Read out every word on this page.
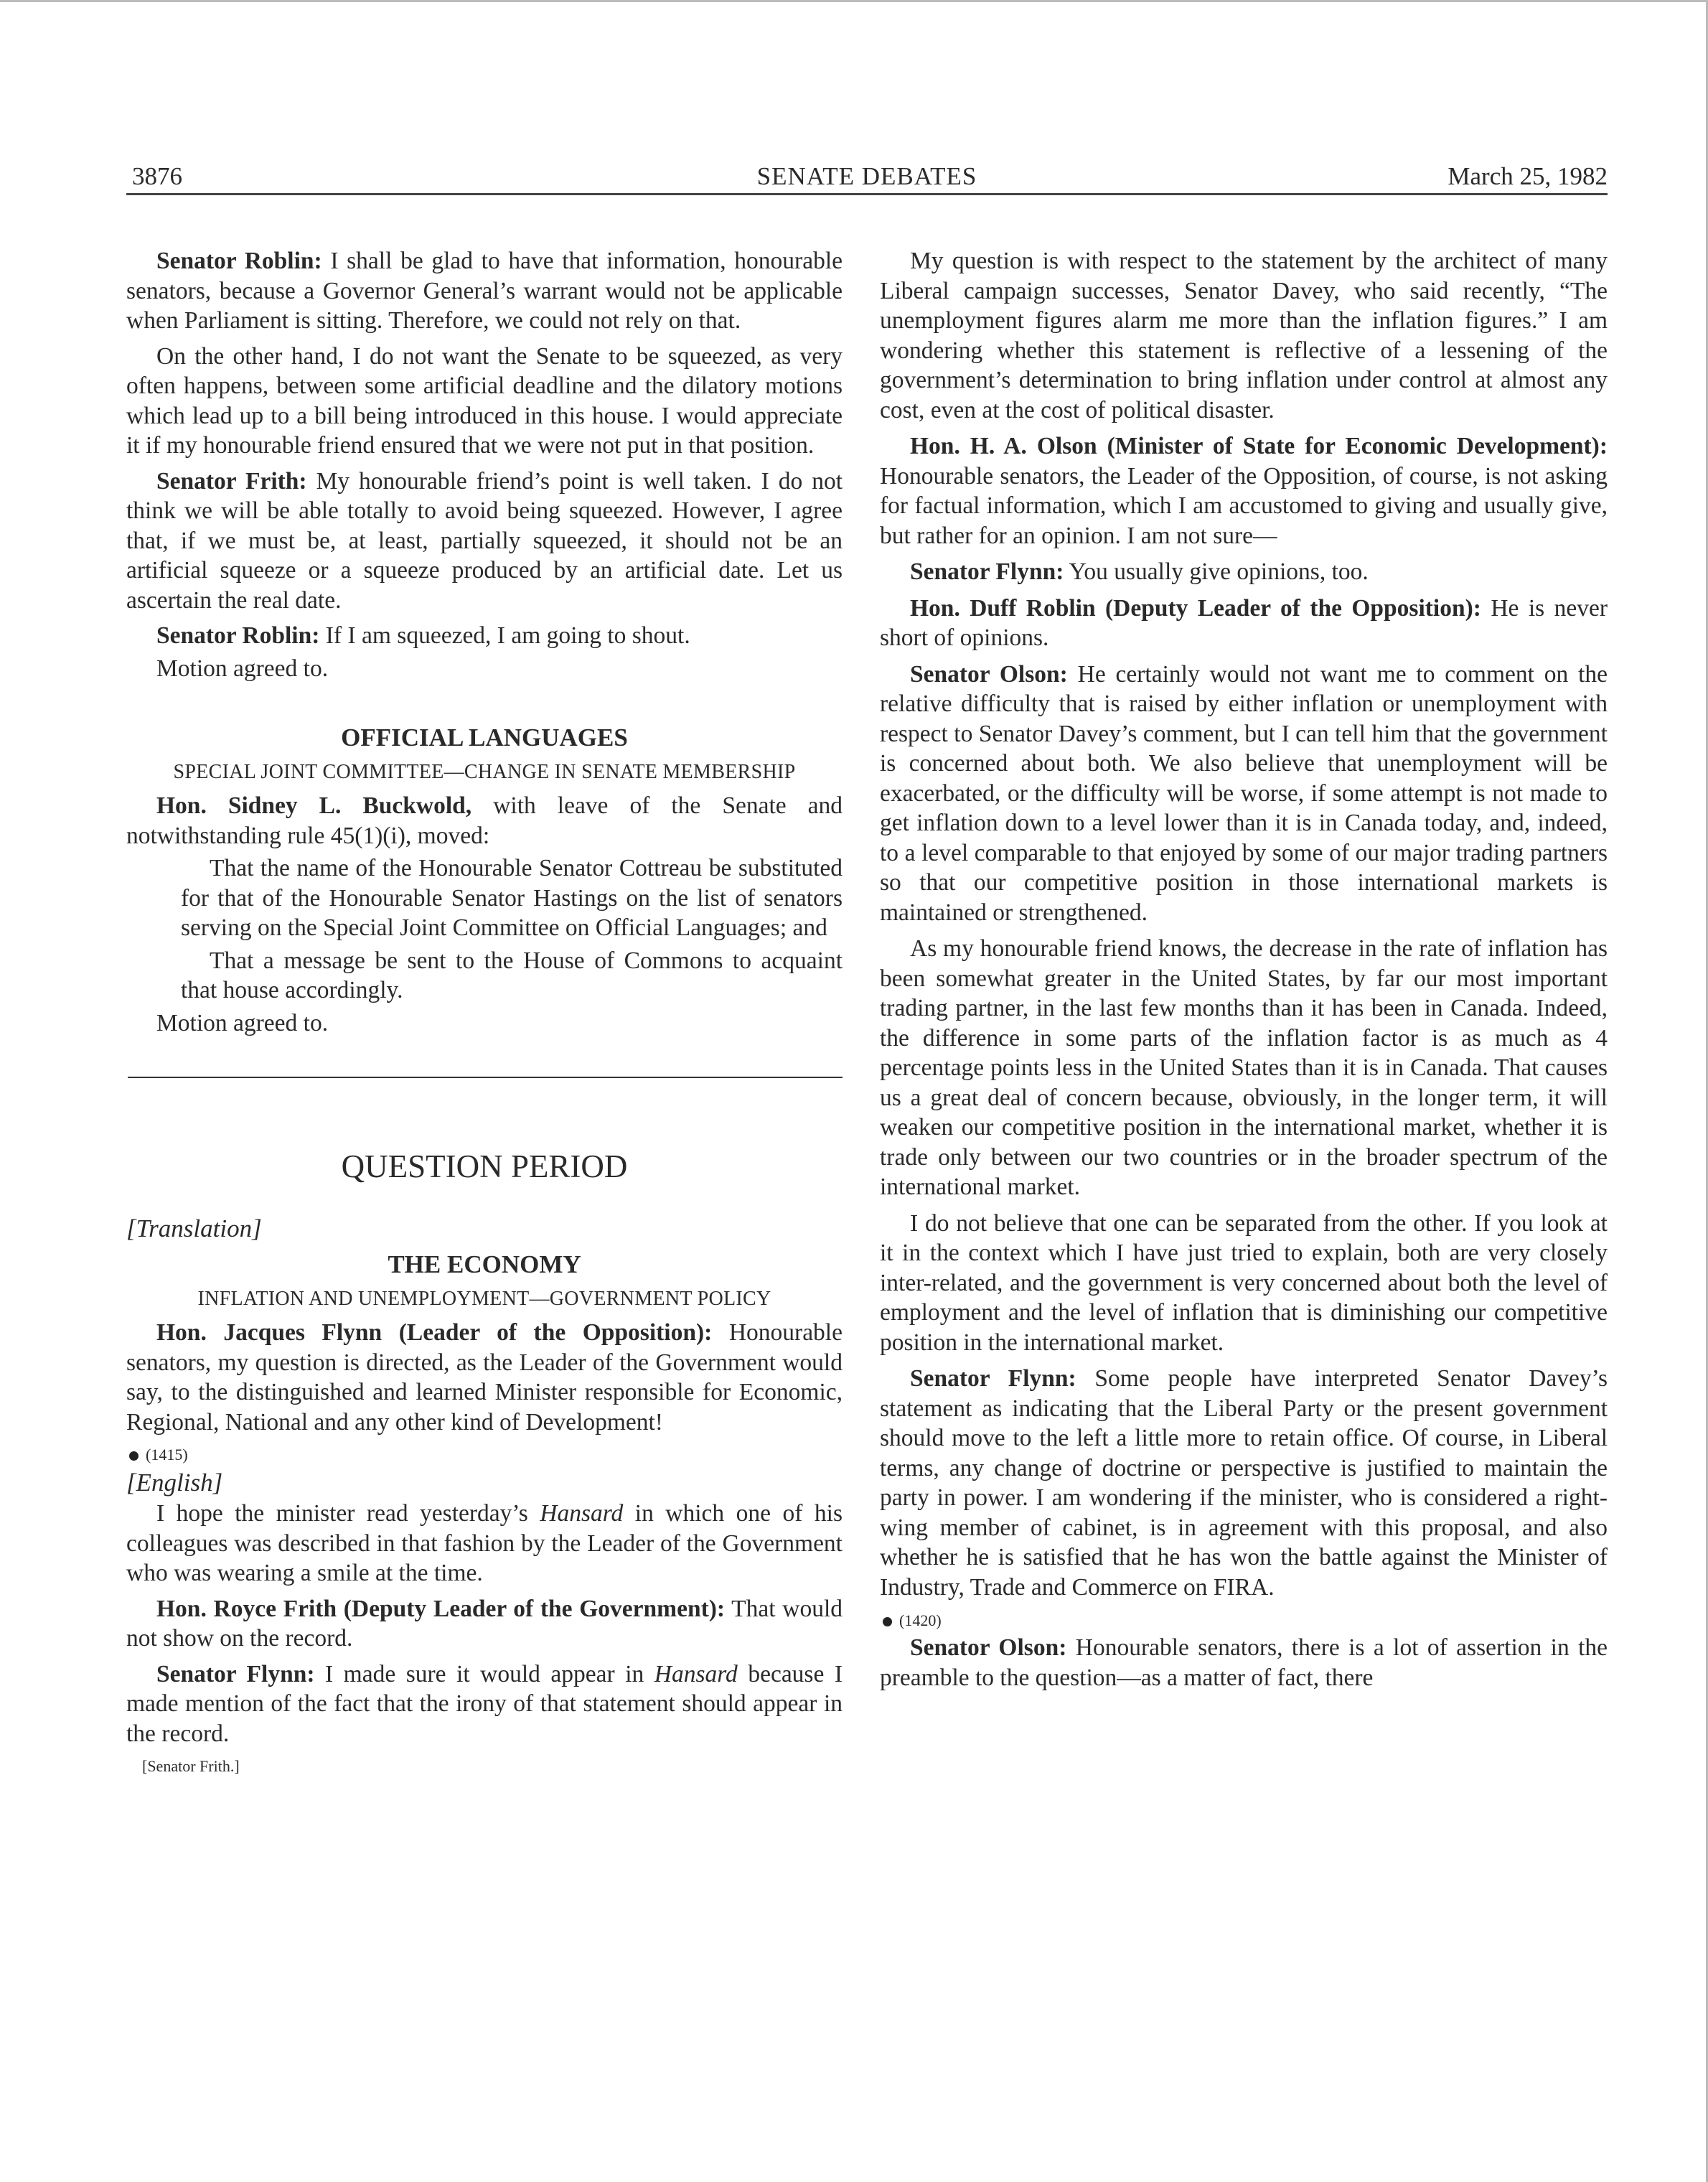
3876	SENATE DEBATES	March 25, 1982

Senator Roblin: I shall be glad to have that information, honourable senators, because a Governor General’s warrant would not be applicable when Parliament is sitting. Therefore, we could not rely on that.

On the other hand, I do not want the Senate to be squeezed, as very often happens, between some artificial deadline and the dilatory motions which lead up to a bill being introduced in this house. I would appreciate it if my honourable friend ensured that we were not put in that position.

Senator Frith: My honourable friend’s point is well taken. I do not think we will be able totally to avoid being squeezed. However, I agree that, if we must be, at least, partially squeezed, it should not be an artificial squeeze or a squeeze produced by an artificial date. Let us ascertain the real date.

Senator Roblin: If I am squeezed, I am going to shout.

Motion agreed to.

OFFICIAL LANGUAGES

SPECIAL JOINT COMMITTEE—CHANGE IN SENATE MEMBERSHIP

Hon. Sidney L. Buckwold, with leave of the Senate and notwithstanding rule 45(1)(i), moved:

That the name of the Honourable Senator Cottreau be substituted for that of the Honourable Senator Hastings on the list of senators serving on the Special Joint Committee on Official Languages; and

That a message be sent to the House of Commons to acquaint that house accordingly.

Motion agreed to.

QUESTION PERIOD

[Translation]

THE ECONOMY

INFLATION AND UNEMPLOYMENT—GOVERNMENT POLICY

Hon. Jacques Flynn (Leader of the Opposition): Honourable senators, my question is directed, as the Leader of the Government would say, to the distinguished and learned Minister responsible for Economic, Regional, National and any other kind of Development!

(1415)

[English]

I hope the minister read yesterday’s Hansard in which one of his colleagues was described in that fashion by the Leader of the Government who was wearing a smile at the time.

Hon. Royce Frith (Deputy Leader of the Government): That would not show on the record.

Senator Flynn: I made sure it would appear in Hansard because I made mention of the fact that the irony of that statement should appear in the record.

[Senator Frith.]

My question is with respect to the statement by the architect of many Liberal campaign successes, Senator Davey, who said recently, “The unemployment figures alarm me more than the inflation figures.” I am wondering whether this statement is reflective of a lessening of the government’s determination to bring inflation under control at almost any cost, even at the cost of political disaster.

Hon. H. A. Olson (Minister of State for Economic Development): Honourable senators, the Leader of the Opposition, of course, is not asking for factual information, which I am accustomed to giving and usually give, but rather for an opinion. I am not sure—

Senator Flynn: You usually give opinions, too.

Hon. Duff Roblin (Deputy Leader of the Opposition): He is never short of opinions.

Senator Olson: He certainly would not want me to comment on the relative difficulty that is raised by either inflation or unemployment with respect to Senator Davey’s comment, but I can tell him that the government is concerned about both. We also believe that unemployment will be exacerbated, or the difficulty will be worse, if some attempt is not made to get inflation down to a level lower than it is in Canada today, and, indeed, to a level comparable to that enjoyed by some of our major trading partners so that our competitive position in those international markets is maintained or strengthened.

As my honourable friend knows, the decrease in the rate of inflation has been somewhat greater in the United States, by far our most important trading partner, in the last few months than it has been in Canada. Indeed, the difference in some parts of the inflation factor is as much as 4 percentage points less in the United States than it is in Canada. That causes us a great deal of concern because, obviously, in the longer term, it will weaken our competitive position in the international market, whether it is trade only between our two countries or in the broader spectrum of the international market.

I do not believe that one can be separated from the other. If you look at it in the context which I have just tried to explain, both are very closely inter-related, and the government is very concerned about both the level of employment and the level of inflation that is diminishing our competitive position in the international market.

Senator Flynn: Some people have interpreted Senator Davey’s statement as indicating that the Liberal Party or the present government should move to the left a little more to retain office. Of course, in Liberal terms, any change of doctrine or perspective is justified to maintain the party in power. I am wondering if the minister, who is considered a right-wing member of cabinet, is in agreement with this proposal, and also whether he is satisfied that he has won the battle against the Minister of Industry, Trade and Commerce on FIRA.

(1420)

Senator Olson: Honourable senators, there is a lot of assertion in the preamble to the question—as a matter of fact, there
